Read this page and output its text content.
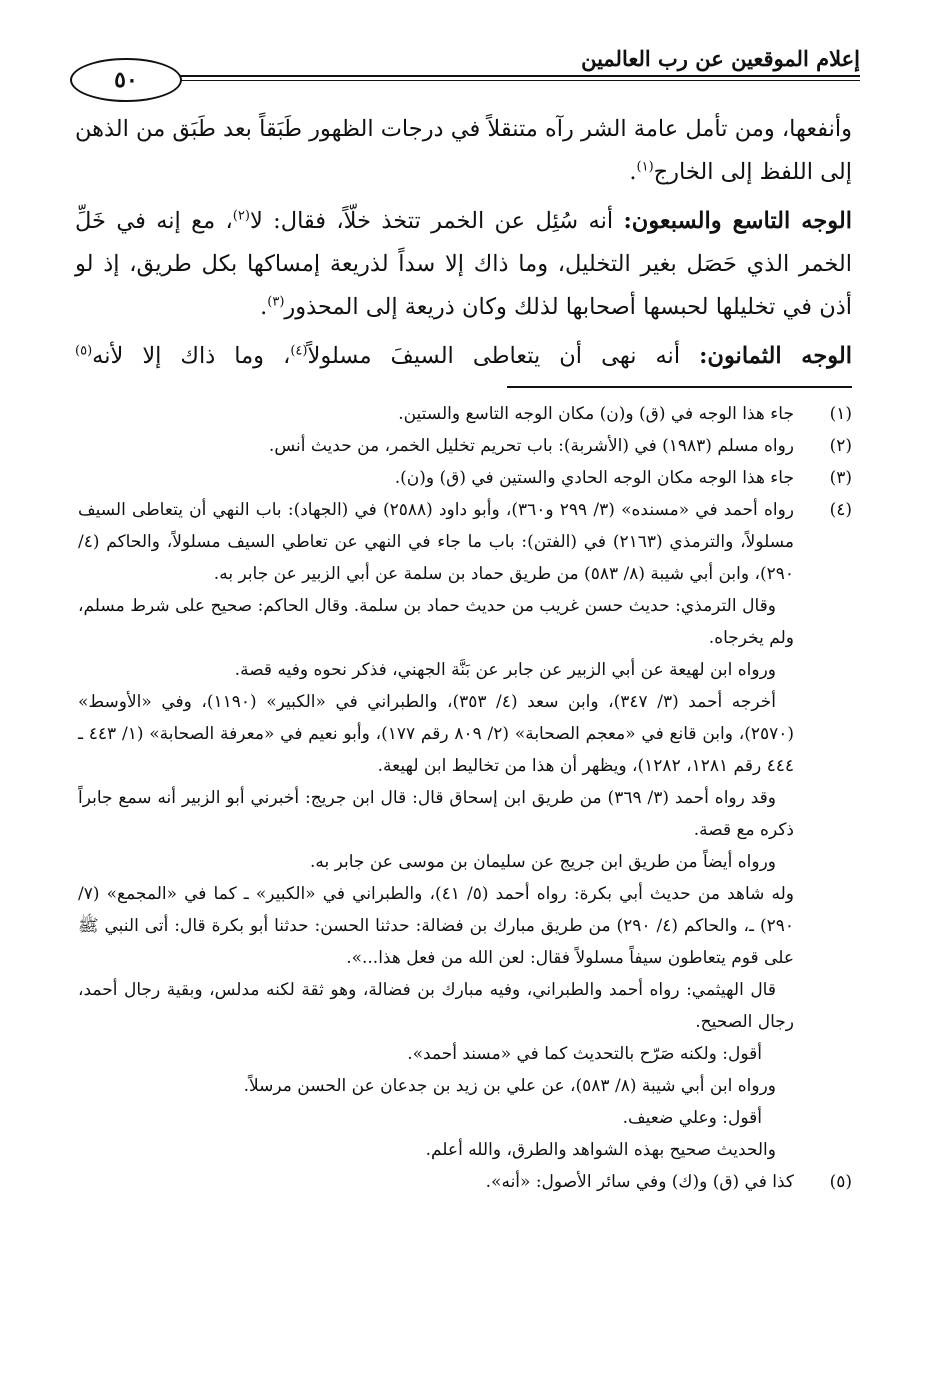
إعلام الموقعين عن رب العالمين
٥٠

وأنفعها، ومن تأمل عامة الشر رآه متنقلاً في درجات الظهور طَبَقاً بعد طَبَق من الذهن إلى اللفظ إلى الخارج$^{(١)}$.

الوجه التاسع والسبعون: أنه سُئِل عن الخمر تتخذ خلّاً، فقال: لا$^{(٢)}$، مع إنه في خَلِّ الخمر الذي حَصَل بغير التخليل، وما ذاك إلا سداً لذريعة إمساكها بكل طريق، إذ لو أذن في تخليلها لحبسها أصحابها لذلك وكان ذريعة إلى المحذور$^{(٣)}$.

الوجه الثمانون: أنه نهى أن يتعاطى السيفَ مسلولاً$^{(٤)}$، وما ذاك إلا لأنه$^{(٥)}$

(١)

جاء هذا الوجه في (ق) و(ن) مكان الوجه التاسع والستين.

(٢)

رواه مسلم (١٩٨٣) في (الأشربة): باب تحريم تخليل الخمر، من حديث أنس.

(٣)

جاء هذا الوجه مكان الوجه الحادي والستين في (ق) و(ن).

(٤)

رواه أحمد في «مسنده» (٣/ ٢٩٩ و٣٦٠)، وأبو داود (٢٥٨٨) في (الجهاد): باب النهي أن يتعاطى السيف مسلولاً، والترمذي (٢١٦٣) في (الفتن): باب ما جاء في النهي عن تعاطي السيف مسلولاً، والحاكم (٤/ ٢٩٠)، وابن أبي شيبة (٨/ ٥٨٣) من طريق حماد بن سلمة عن أبي الزبير عن جابر به.

وقال الترمذي: حديث حسن غريب من حديث حماد بن سلمة. وقال الحاكم: صحيح على شرط مسلم، ولم يخرجاه.

ورواه ابن لهيعة عن أبي الزبير عن جابر عن بَنَّة الجهني، فذكر نحوه وفيه قصة.

أخرجه أحمد (٣/ ٣٤٧)، وابن سعد (٤/ ٣٥٣)، والطبراني في «الكبير» (١١٩٠)، وفي «الأوسط» (٢٥٧٠)، وابن قانع في «معجم الصحابة» (٢/ ٨٠٩ رقم ١٧٧)، وأبو نعيم في «معرفة الصحابة» (١/ ٤٤٣ ـ ٤٤٤ رقم ١٢٨١، ١٢٨٢)، ويظهر أن هذا من تخاليط ابن لهيعة.

وقد رواه أحمد (٣/ ٣٦٩) من طريق ابن إسحاق قال: قال ابن جريج: أخبرني أبو الزبير أنه سمع جابراً ذكره مع قصة.

ورواه أيضاً من طريق ابن جريج عن سليمان بن موسى عن جابر به.

وله شاهد من حديث أبي بكرة: رواه أحمد (٥/ ٤١)، والطبراني في «الكبير» ـ كما في «المجمع» (٧/ ٢٩٠) ـ، والحاكم (٤/ ٢٩٠) من طريق مبارك بن فضالة: حدثنا الحسن: حدثنا أبو بكرة قال: أتى النبي ﷺ على قوم يتعاطون سيفاً مسلولاً فقال: لعن الله من فعل هذا...».

قال الهيثمي: رواه أحمد والطبراني، وفيه مبارك بن فضالة، وهو ثقة لكنه مدلس، وبقية رجال أحمد، رجال الصحيح.

أقول: ولكنه صَرّح بالتحديث كما في «مسند أحمد».

ورواه ابن أبي شيبة (٨/ ٥٨٣)، عن علي بن زيد بن جدعان عن الحسن مرسلاً.

أقول: وعلي ضعيف.

والحديث صحيح بهذه الشواهد والطرق، والله أعلم.

(٥)

كذا في (ق) و(ك) وفي سائر الأصول: «أنه».
